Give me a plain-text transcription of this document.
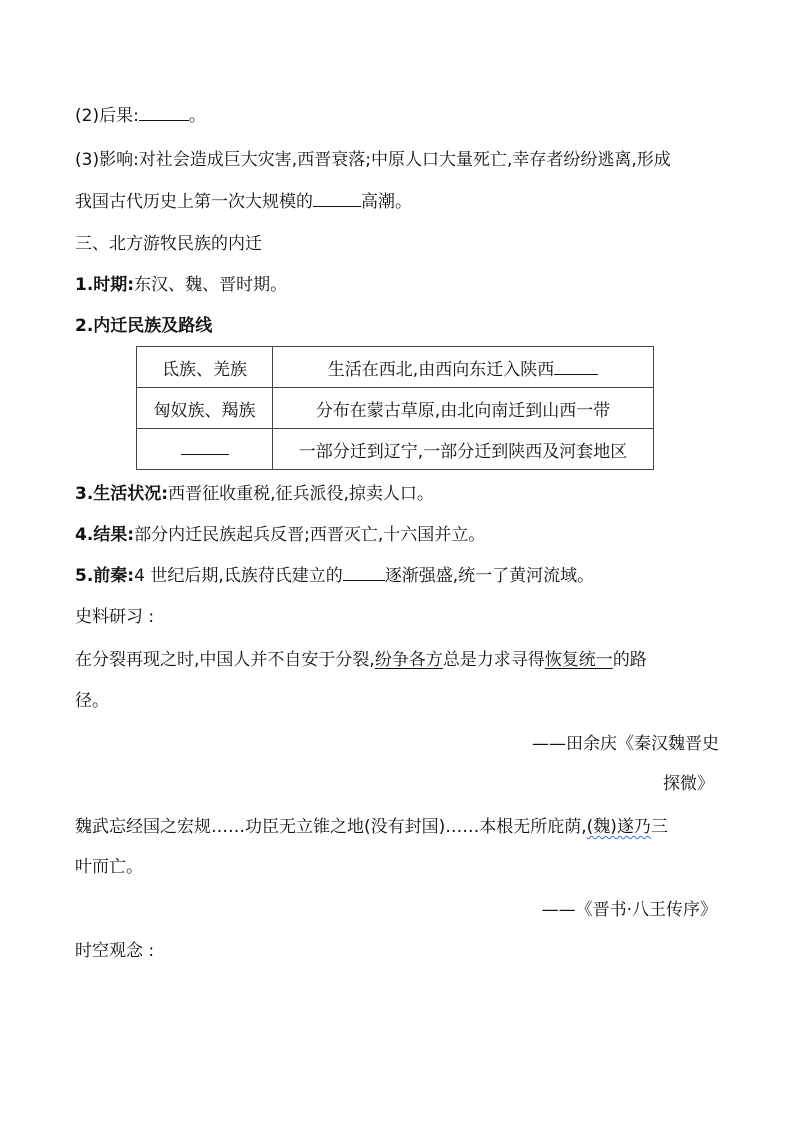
(2)后果:	。
(3)影响:对社会造成巨大灾害,西晋衰落;中原人口大量死亡,幸存者纷纷逃离,形成
我国古代历史上第一次大规模的	高潮。
三、北方游牧民族的内迁
1.时期:东汉、魏、晋时期。
2.内迁民族及路线
氐族、羌族	生活在西北,由西向东迁入陕西
匈奴族、羯族	分布在蒙古草原,由北向南迁到山西一带
	一部分迁到辽宁,一部分迁到陕西及河套地区
3.生活状况:西晋征收重税,征兵派役,掠卖人口。
4.结果:部分内迁民族起兵反晋;西晋灭亡,十六国并立。
5.前秦:4 世纪后期,氐族苻氏建立的 逐渐强盛,统一了黄河流域。
史料研习 :
在分裂再现之时,中国人并不自安于分裂,纷争各方总是力求寻得恢复统一的路
径。
——田余庆《秦汉魏晋史
探微》
魏武忘经国之宏规……功臣无立锥之地(没有封国)……本根无所庇荫,(魏)遂乃三
叶而亡。
——《晋书·八王传序》
时空观念 :
